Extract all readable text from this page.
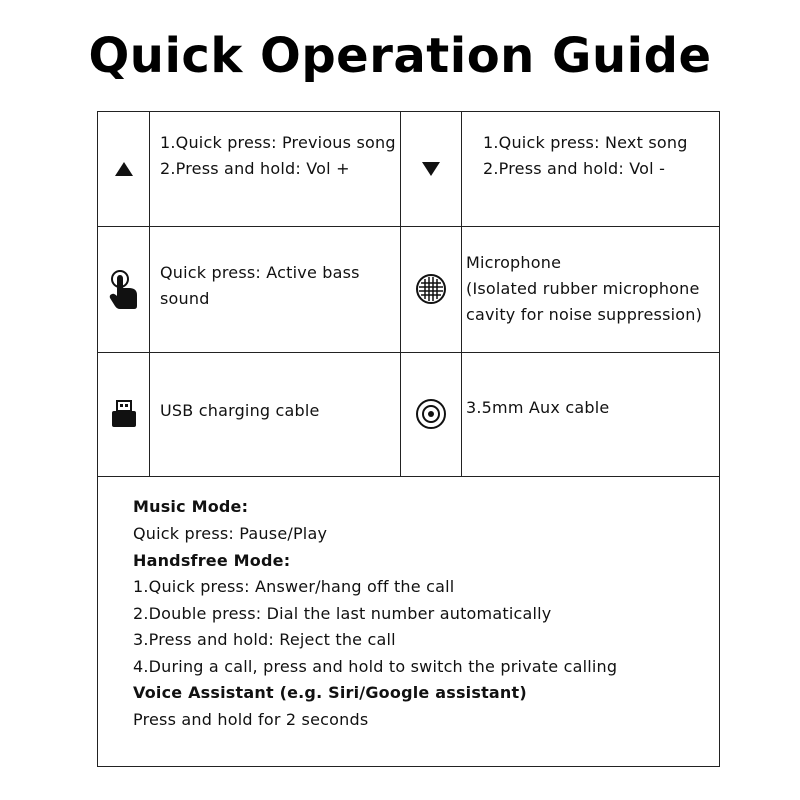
Quick Operation Guide
1.Quick press: Previous song
2.Press and hold: Vol +
1.Quick press: Next song
2.Press and hold: Vol -
Quick press: Active bass
sound
Microphone
(Isolated rubber microphone
cavity for noise suppression)
USB charging cable	3.5mm Aux cable
Music Mode:
Quick press: Pause/Play
Handsfree Mode:
1.Quick press: Answer/hang off the call
2.Double press: Dial the last number automatically
3.Press and hold: Reject the call
4.During a call, press and hold to switch the private calling
Voice Assistant (e.g. Siri/Google assistant)
Press and hold for 2 seconds
